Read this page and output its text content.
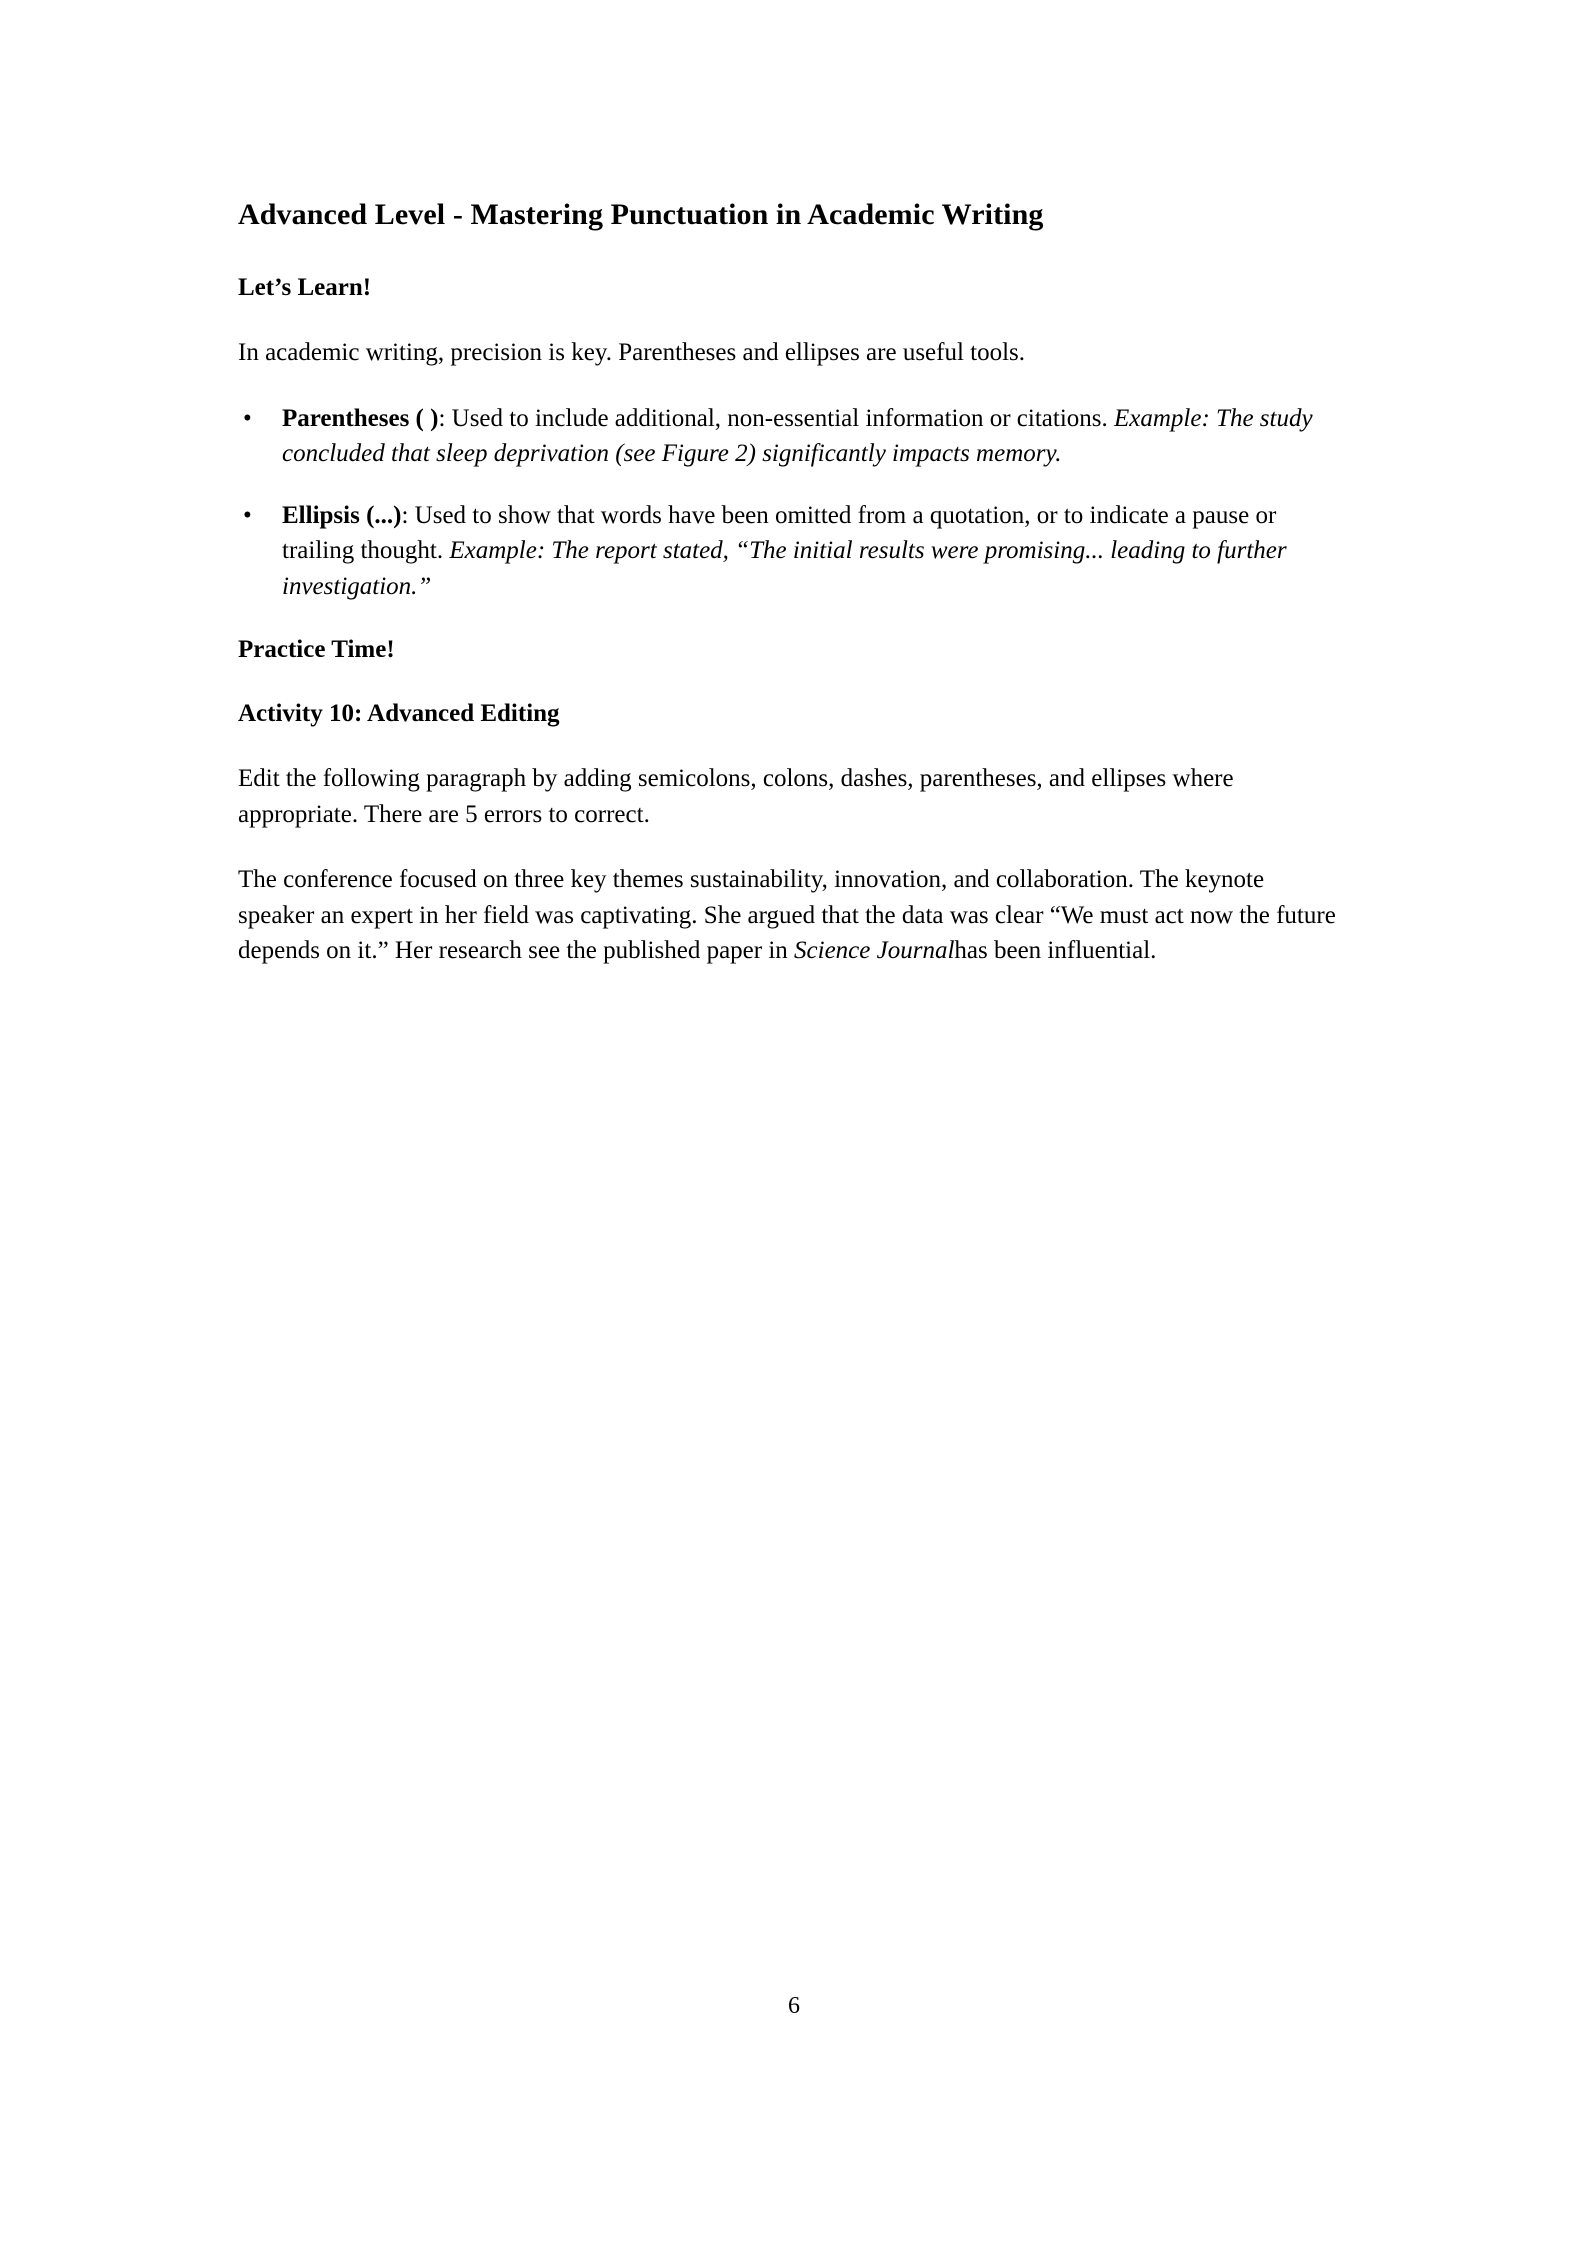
Advanced Level - Mastering Punctuation in Academic Writing
Let’s Learn!

In academic writing, precision is key. Parentheses and ellipses are useful tools.

• Parentheses ( ): Used to include additional, non-essential information or citations. Example: The study concluded that sleep deprivation (see Figure 2) significantly impacts memory.
• Ellipsis (...): Used to show that words have been omitted from a quotation, or to indicate a pause or trailing thought. Example: The report stated, “The initial results were promising... leading to further investigation.”
Practice Time!
Activity 10: Advanced Editing

Edit the following paragraph by adding semicolons, colons, dashes, parentheses, and ellipses where appropriate. There are 5 errors to correct.

The conference focused on three key themes sustainability, innovation, and collaboration. The keynote speaker an expert in her field was captivating. She argued that the data was clear “We must act now the future depends on it.” Her research see the published paper in Science Journalhas been influential.

6
